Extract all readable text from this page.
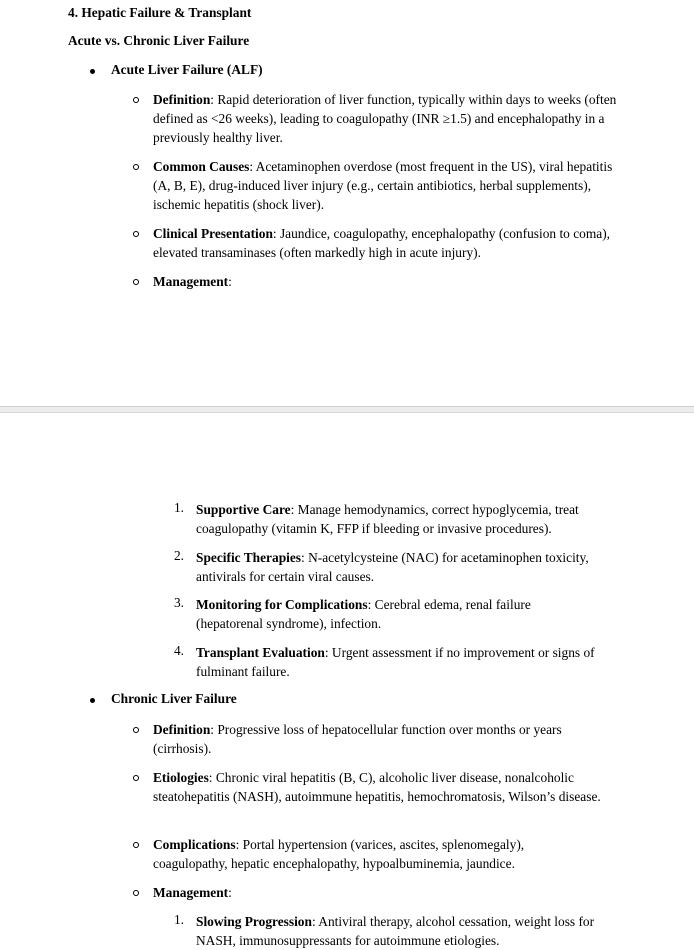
4. Hepatic Failure & Transplant
Acute vs. Chronic Liver Failure
Acute Liver Failure (ALF)
Definition: Rapid deterioration of liver function, typically within days to weeks (often defined as <26 weeks), leading to coagulopathy (INR ≥1.5) and encephalopathy in a previously healthy liver.
Common Causes: Acetaminophen overdose (most frequent in the US), viral hepatitis (A, B, E), drug-induced liver injury (e.g., certain antibiotics, herbal supplements), ischemic hepatitis (shock liver).
Clinical Presentation: Jaundice, coagulopathy, encephalopathy (confusion to coma), elevated transaminases (often markedly high in acute injury).
Management:
1. Supportive Care: Manage hemodynamics, correct hypoglycemia, treat coagulopathy (vitamin K, FFP if bleeding or invasive procedures).
2. Specific Therapies: N-acetylcysteine (NAC) for acetaminophen toxicity, antivirals for certain viral causes.
3. Monitoring for Complications: Cerebral edema, renal failure (hepatorenal syndrome), infection.
4. Transplant Evaluation: Urgent assessment if no improvement or signs of fulminant failure.
Chronic Liver Failure
Definition: Progressive loss of hepatocellular function over months or years (cirrhosis).
Etiologies: Chronic viral hepatitis (B, C), alcoholic liver disease, nonalcoholic steatohepatitis (NASH), autoimmune hepatitis, hemochromatosis, Wilson’s disease.
Complications: Portal hypertension (varices, ascites, splenomegaly), coagulopathy, hepatic encephalopathy, hypoalbuminemia, jaundice.
Management:
1. Slowing Progression: Antiviral therapy, alcohol cessation, weight loss for NASH, immunosuppressants for autoimmune etiologies.
